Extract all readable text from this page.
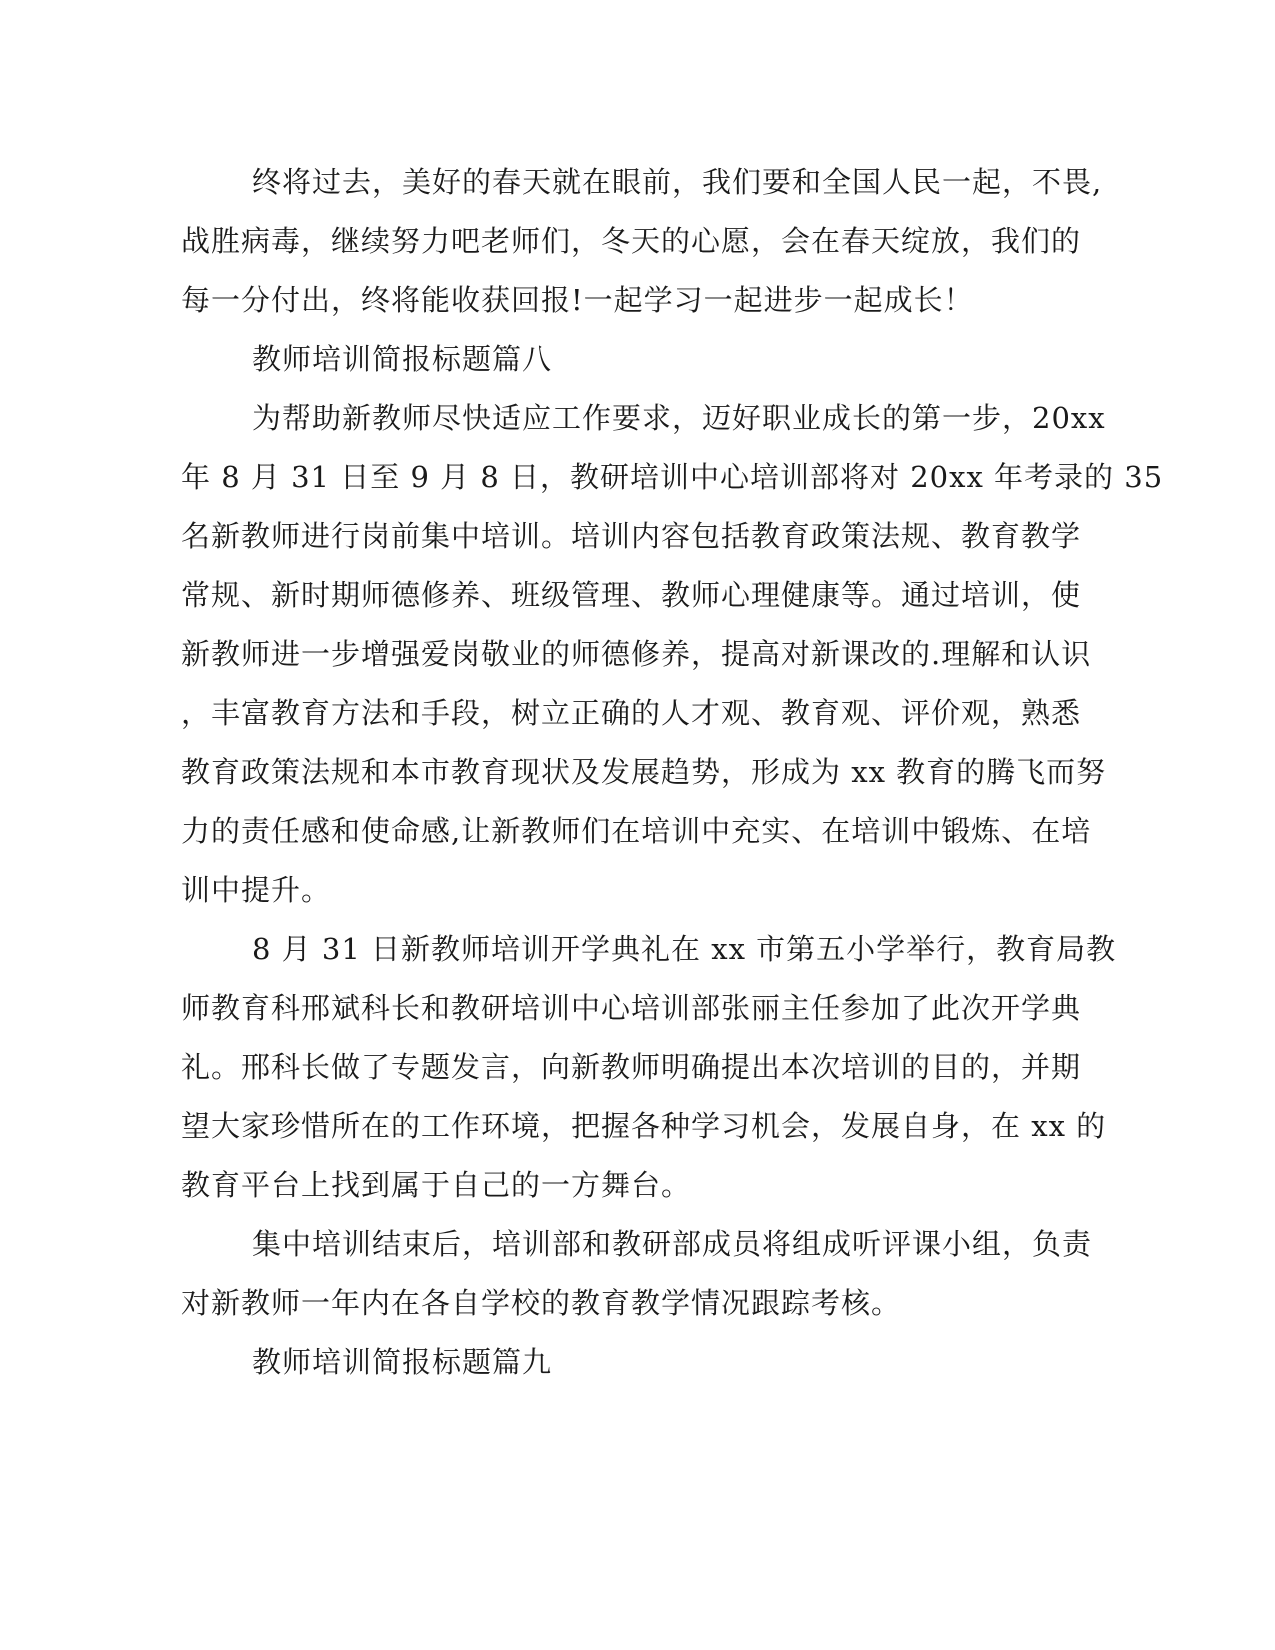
终将过去，美好的春天就在眼前，我们要和全国人民一起，不畏,

战胜病毒，继续努力吧老师们，冬天的心愿，会在春天绽放，我们的

每一分付出，终将能收获回报!一起学习一起进步一起成长！

教师培训简报标题篇八

为帮助新教师尽快适应工作要求，迈好职业成长的第一步，20xx

年 8 月 31 日至 9 月 8 日，教研培训中心培训部将对 20xx 年考录的 35

名新教师进行岗前集中培训。培训内容包括教育政策法规、教育教学

常规、新时期师德修养、班级管理、教师心理健康等。通过培训，使

新教师进一步增强爱岗敬业的师德修养，提高对新课改的.理解和认识

，丰富教育方法和手段，树立正确的人才观、教育观、评价观，熟悉

教育政策法规和本市教育现状及发展趋势，形成为 xx 教育的腾飞而努

力的责任感和使命感,让新教师们在培训中充实、在培训中锻炼、在培

训中提升。

8 月 31 日新教师培训开学典礼在 xx 市第五小学举行，教育局教

师教育科邢斌科长和教研培训中心培训部张丽主任参加了此次开学典

礼。邢科长做了专题发言，向新教师明确提出本次培训的目的，并期

望大家珍惜所在的工作环境，把握各种学习机会，发展自身，在 xx 的

教育平台上找到属于自己的一方舞台。

集中培训结束后，培训部和教研部成员将组成听评课小组，负责

对新教师一年内在各自学校的教育教学情况跟踪考核。

教师培训简报标题篇九
